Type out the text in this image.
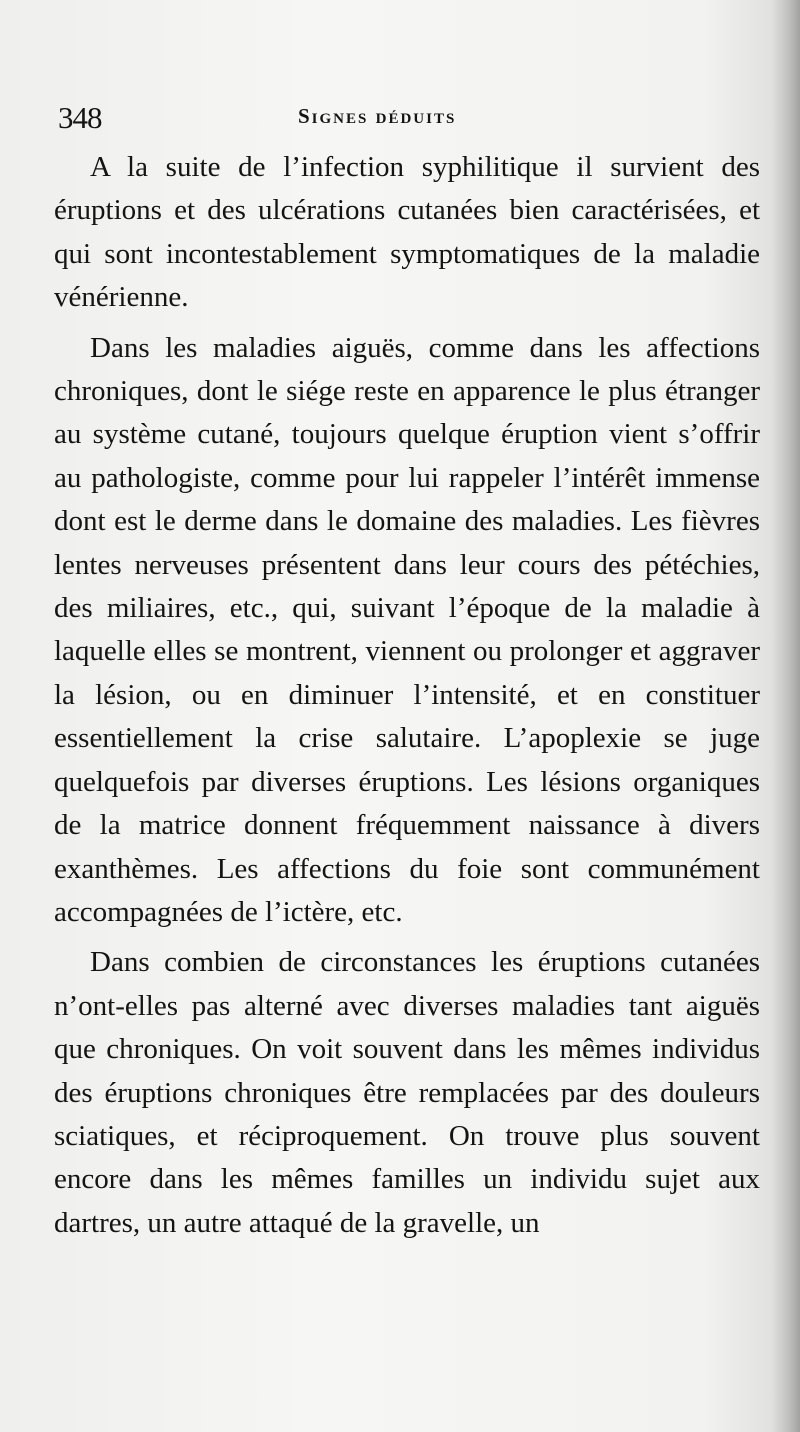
348	Signes déduits

A la suite de l’infection syphilitique il survient des éruptions et des ulcérations cutanées bien caractérisées, et qui sont incontestablement symptomatiques de la maladie vénérienne.

Dans les maladies aiguës, comme dans les affections chroniques, dont le siége reste en apparence le plus étranger au système cutané, toujours quelque éruption vient s’offrir au pathologiste, comme pour lui rappeler l’intérêt immense dont est le derme dans le domaine des maladies. Les fièvres lentes nerveuses présentent dans leur cours des pétéchies, des miliaires, etc., qui, suivant l’époque de la maladie à laquelle elles se montrent, viennent ou prolonger et aggraver la lésion, ou en diminuer l’intensité, et en constituer essentiellement la crise salutaire. L’apoplexie se juge quelquefois par diverses éruptions. Les lésions organiques de la matrice donnent fréquemment naissance à divers exanthèmes. Les affections du foie sont communément accompagnées de l’ictère, etc.

Dans combien de circonstances les éruptions cutanées n’ont-elles pas alterné avec diverses maladies tant aiguës que chroniques. On voit souvent dans les mêmes individus des éruptions chroniques être remplacées par des douleurs sciatiques, et réciproquement. On trouve plus souvent encore dans les mêmes familles un individu sujet aux dartres, un autre attaqué de la gravelle, un
